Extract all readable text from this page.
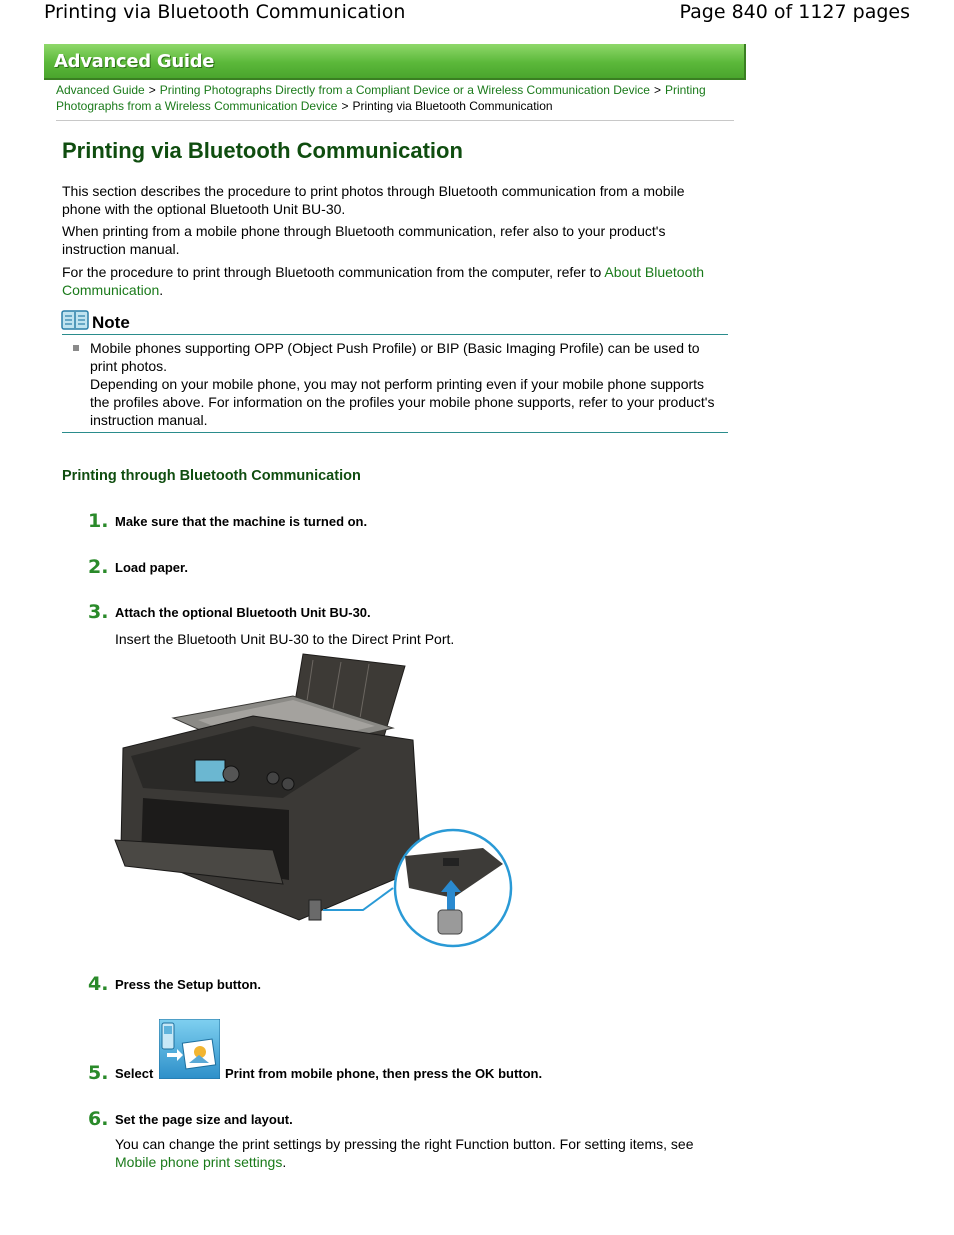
Printing via Bluetooth Communication	Page 840 of 1127 pages
Advanced Guide
Advanced Guide > Printing Photographs Directly from a Compliant Device or a Wireless Communication Device > Printing Photographs from a Wireless Communication Device > Printing via Bluetooth Communication
Printing via Bluetooth Communication
This section describes the procedure to print photos through Bluetooth communication from a mobile phone with the optional Bluetooth Unit BU-30.
When printing from a mobile phone through Bluetooth communication, refer also to your product's instruction manual.
For the procedure to print through Bluetooth communication from the computer, refer to About Bluetooth Communication.
Note
Mobile phones supporting OPP (Object Push Profile) or BIP (Basic Imaging Profile) can be used to print photos.
Depending on your mobile phone, you may not perform printing even if your mobile phone supports the profiles above. For information on the profiles your mobile phone supports, refer to your product's instruction manual.
Printing through Bluetooth Communication
1. Make sure that the machine is turned on.
2. Load paper.
3. Attach the optional Bluetooth Unit BU-30.
Insert the Bluetooth Unit BU-30 to the Direct Print Port.
4. Press the Setup button.
5. Select	Print from mobile phone, then press the OK button.
6. Set the page size and layout.
You can change the print settings by pressing the right Function button. For setting items, see Mobile phone print settings.
